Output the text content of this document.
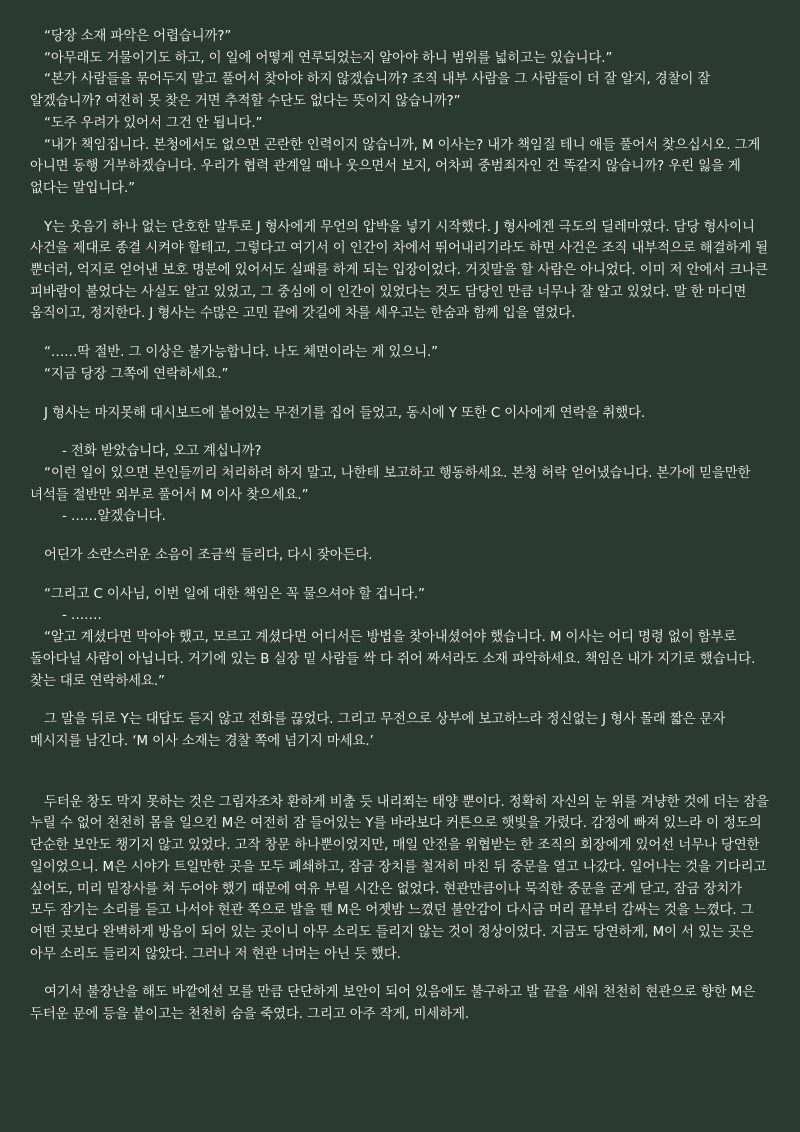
“당장 소재 파악은 어렵습니까?”

“아무래도 거물이기도 하고, 이 일에 어떻게 연루되었는지 알아야 하니 범위를 넓히고는 있습니다.”

“본가 사람들을 묶어두지 말고 풀어서 찾아야 하지 않겠습니까? 조직 내부 사람을 그 사람들이 더 잘 알지, 경찰이 잘 알겠습니까? 여전히 못 찾은 거면 추적할 수단도 없다는 뜻이지 않습니까?”

“도주 우려가 있어서 그건 안 됩니다.”

“내가 책임집니다. 본청에서도 없으면 곤란한 인력이지 않습니까, M 이사는? 내가 책임질 테니 애들 풀어서 찾으십시오. 그게 아니면 동행 거부하겠습니다. 우리가 협력 관계일 때나 웃으면서 보지, 어차피 중범죄자인 건 똑같지 않습니까? 우린 잃을 게 없다는 말입니다.”

Y는 웃음기 하나 없는 단호한 말투로 J 형사에게 무언의 압박을 넣기 시작했다. J 형사에겐 극도의 딜레마였다. 담당 형사이니 사건을 제대로 종결 시켜야 할테고, 그렇다고 여기서 이 인간이 차에서 뛰어내리기라도 하면 사건은 조직 내부적으로 해결하게 될 뿐더러, 억지로 얻어낸 보호 명분에 있어서도 실패를 하게 되는 입장이었다. 거짓말을 할 사람은 아니었다. 이미 저 안에서 크나큰 피바람이 불었다는 사실도 알고 있었고, 그 중심에 이 인간이 있었다는 것도 담당인 만큼 너무나 잘 알고 있었다. 말 한 마디면 움직이고, 정지한다. J 형사는 수많은 고민 끝에 갓길에 차를 세우고는 한숨과 함께 입을 열었다.

“……딱 절반. 그 이상은 불가능합니다. 나도 체면이라는 게 있으니.”

“지금 당장 그쪽에 연락하세요.”

J 형사는 마지못해 대시보드에 붙어있는 무전기를 집어 들었고, 동시에 Y 또한 C 이사에게 연락을 취했다.

- 전화 받았습니다, 오고 계십니까?

“이런 일이 있으면 본인들끼리 처리하려 하지 말고, 나한테 보고하고 행동하세요. 본청 허락 얻어냈습니다. 본가에 믿을만한 녀석들 절반만 외부로 풀어서 M 이사 찾으세요.”

- ……알겠습니다.

어딘가 소란스러운 소음이 조금씩 들리다, 다시 잦아든다.

“그리고 C 이사님, 이번 일에 대한 책임은 꼭 물으셔야 할 겁니다.”

- …….

“알고 계셨다면 막아야 했고, 모르고 계셨다면 어디서든 방법을 찾아내셨어야 했습니다. M 이사는 어디 명령 없이 함부로 돌아다닐 사람이 아닙니다. 거기에 있는 B 실장 밑 사람들 싹 다 쥐어 짜서라도 소재 파악하세요. 책임은 내가 지기로 했습니다. 찾는 대로 연락하세요.”

그 말을 뒤로 Y는 대답도 듣지 않고 전화를 끊었다. 그리고 무전으로 상부에 보고하느라 정신없는 J 형사 몰래 짧은 문자 메시지를 남긴다. ‘M 이사 소재는 경찰 쪽에 넘기지 마세요.’

두터운 창도 막지 못하는 것은 그림자조차 환하게 비출 듯 내리쬐는 태양 뿐이다. 정확히 자신의 눈 위를 겨냥한 것에 더는 잠을 누릴 수 없어 천천히 몸을 일으킨 M은 여전히 잠 들어있는 Y를 바라보다 커튼으로 햇빛을 가렸다. 감정에 빠져 있느라 이 정도의 단순한 보안도 챙기지 않고 있었다. 고작 창문 하나뿐이었지만, 매일 안전을 위협받는 한 조직의 회장에게 있어선 너무나 당연한 일이었으니. M은 시야가 트일만한 곳을 모두 폐쇄하고, 잠금 장치를 철저히 마친 뒤 중문을 열고 나갔다. 일어나는 것을 기다리고 싶어도, 미리 밑장사를 쳐 두어야 했기 때문에 여유 부릴 시간은 없었다. 현관만큼이나 묵직한 중문을 굳게 닫고, 잠금 장치가 모두 잠기는 소리를 듣고 나서야 현관 쪽으로 발을 뗀 M은 어젯밤 느꼈던 불안감이 다시금 머리 끝부터 감싸는 것을 느꼈다. 그 어떤 곳보다 완벽하게 방음이 되어 있는 곳이니 아무 소리도 들리지 않는 것이 정상이었다. 지금도 당연하게, M이 서 있는 곳은 아무 소리도 들리지 않았다. 그러나 저 현관 너머는 아닌 듯 했다.

여기서 불장난을 해도 바깥에선 모를 만큼 단단하게 보안이 되어 있음에도 불구하고 발 끝을 세워 천천히 현관으로 향한 M은 두터운 문에 등을 붙이고는 천천히 숨을 죽였다. 그리고 아주 작게, 미세하게.
